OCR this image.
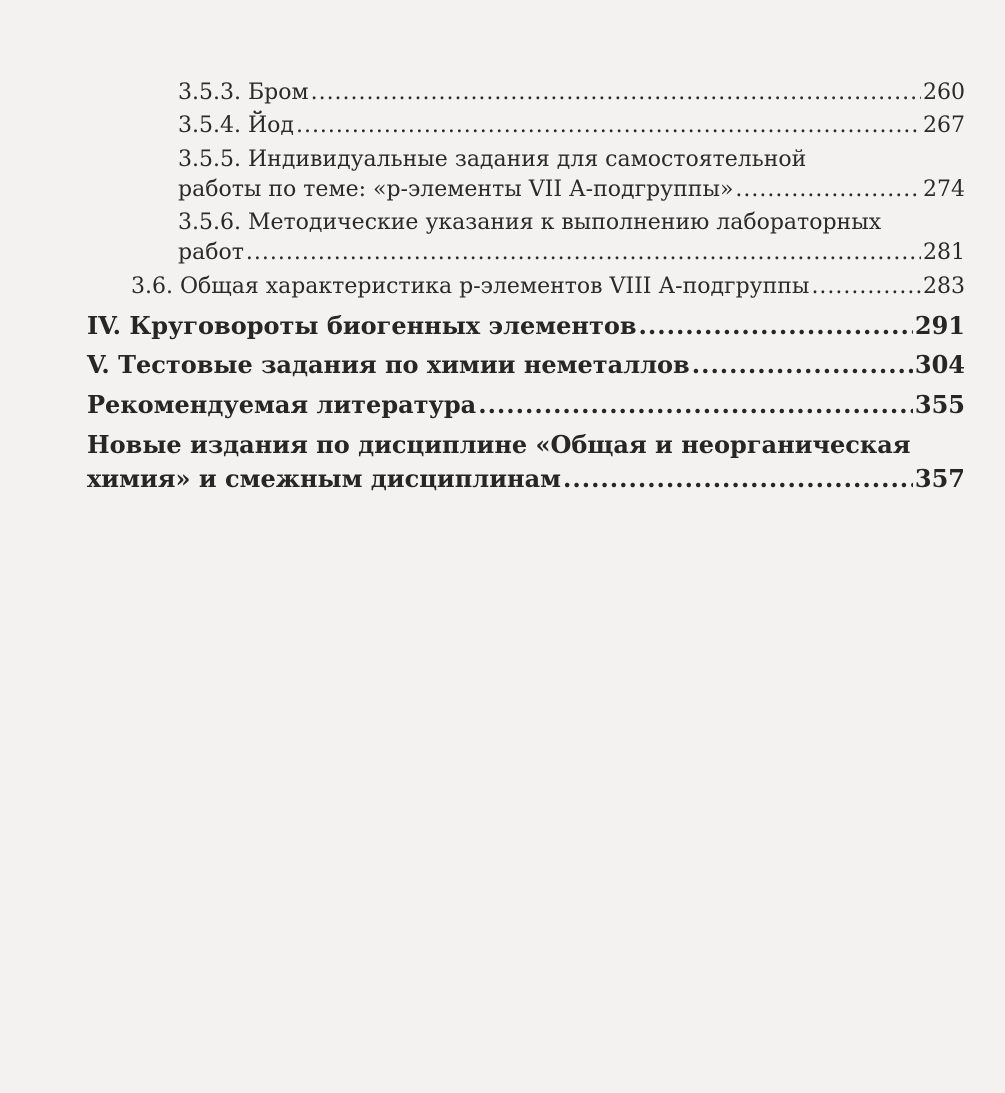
3.5.3. Бром .....	260
3.5.4. Йод .....	267
3.5.5. Индивидуальные задания для самостоятельной
работы по теме: «р-элементы VII А-подгруппы» .....	274
3.5.6. Методические указания к выполнению лабораторных
работ .....	281
3.6. Общая характеристика р-элементов VIII А-подгруппы .....	283
IV. Круговороты биогенных элементов .....	291
V. Тестовые задания по химии неметаллов .....	304
Рекомендуемая литература .....	355
Новые издания по дисциплине «Общая и неорганическая
химия» и смежным дисциплинам .....	357
